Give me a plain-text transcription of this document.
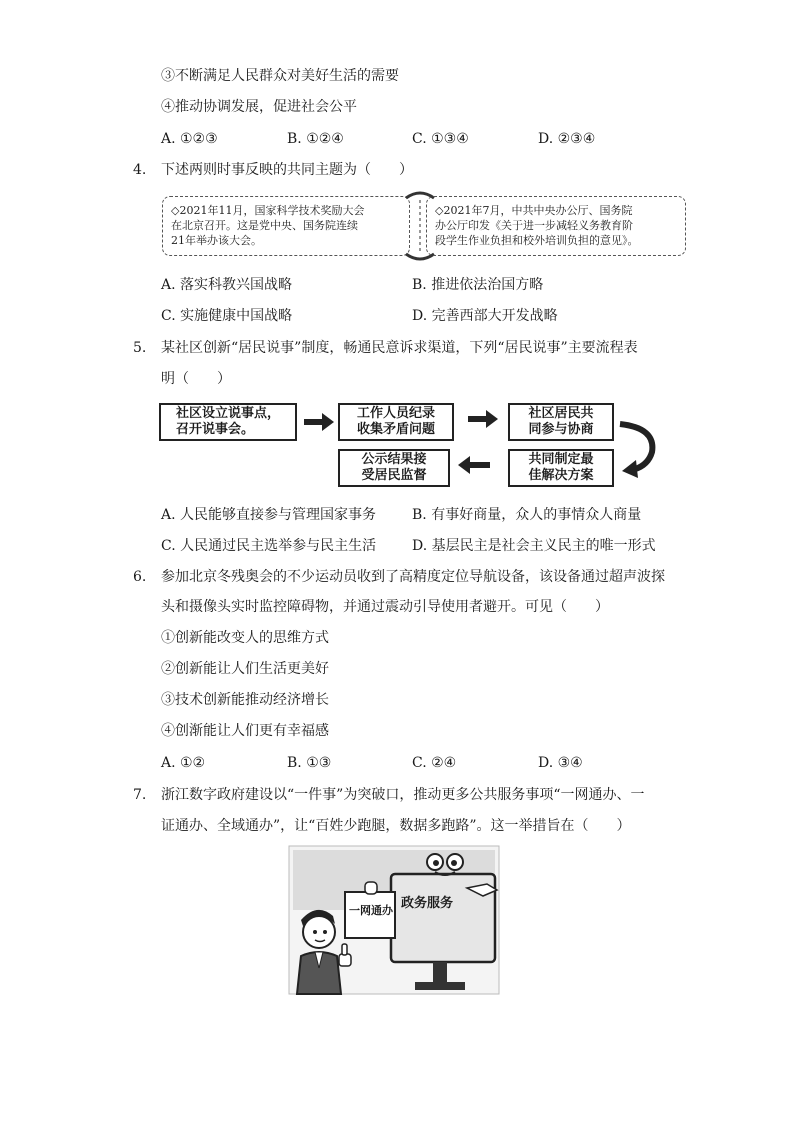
③不断满足人民群众对美好生活的需要
④推动协调发展，促进社会公平
A. ①②③	B. ①②④	C. ①③④	D. ②③④
4. 下述两则时事反映的共同主题为（　　）
◇2021年11月，国家科学技术奖励大会
在北京召开。这是党中央、国务院连续
21年举办该大会。
◇2021年7月，中共中央办公厅、国务院
办公厅印发《关于进一步减轻义务教育阶
段学生作业负担和校外培训负担的意见》。
A. 落实科教兴国战略	B. 推进依法治国方略
C. 实施健康中国战略	D. 完善西部大开发战略
5. 某社区创新“居民说事”制度，畅通民意诉求渠道，下列“居民说事”主要流程表
明（　　）
社区设立说事点，
召开说事会。
工作人员纪录
收集矛盾问题
社区居民共
同参与协商
共同制定最
佳解决方案
公示结果接
受居民监督
A. 人民能够直接参与管理国家事务	B. 有事好商量，众人的事情众人商量
C. 人民通过民主选举参与民主生活	D. 基层民主是社会主义民主的唯一形式
6. 参加北京冬残奥会的不少运动员收到了高精度定位导航设备，该设备通过超声波探
头和摄像头实时监控障碍物，并通过震动引导使用者避开。可见（　　）
①创新能改变人的思维方式
②创新能让人们生活更美好
③技术创新能推动经济增长
④创渐能让人们更有幸福感
A. ①②	B. ①③	C. ②④	D. ③④
7. 浙江数字政府建设以“一件事”为突破口，推动更多公共服务事项“一网通办、一
证通办、全域通办”，让“百姓少跑腿，数据多跑路”。这一举措旨在（　　）
一网通办 政务服务
